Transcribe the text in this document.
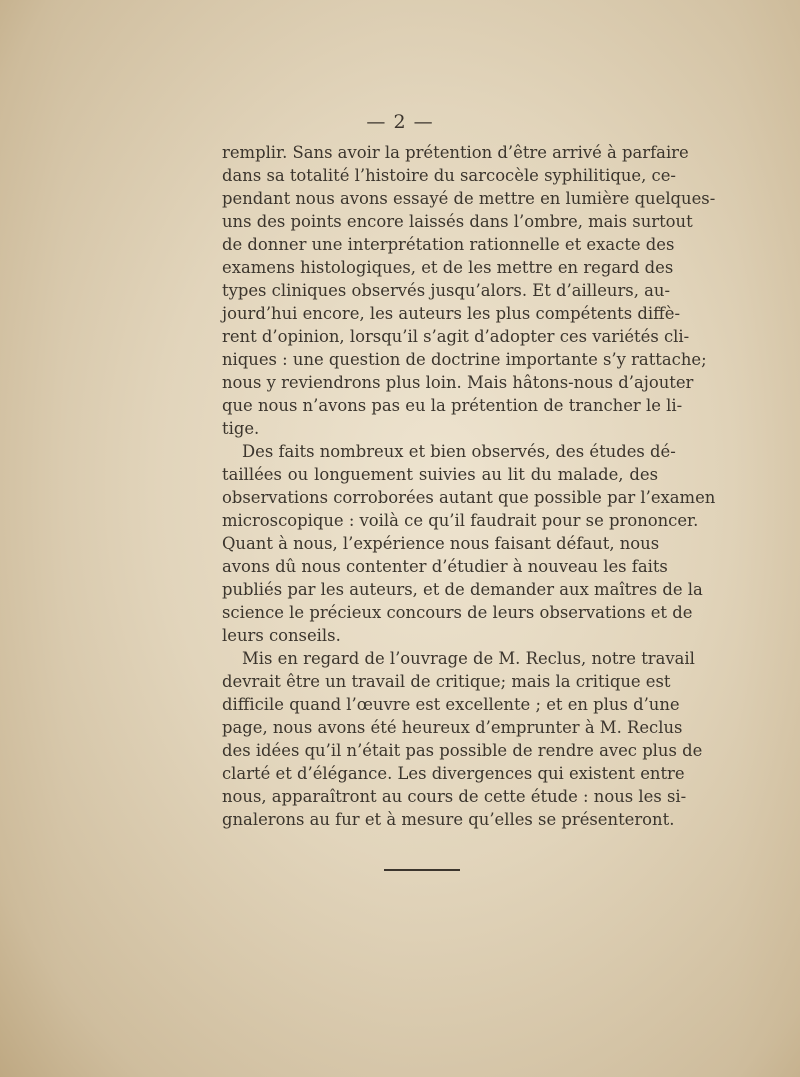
— 2 —
remplir. Sans avoir la prétention d’être arrivé à parfaire
dans sa totalité l’histoire du sarcocèle syphilitique, ce-
pendant nous avons essayé de mettre en lumière quelques-
uns des points encore laissés dans l’ombre, mais surtout
de donner une interprétation rationnelle et exacte des
examens histologiques, et de les mettre en regard des
types cliniques observés jusqu’alors. Et d’ailleurs, au-
jourd’hui encore, les auteurs les plus compétents diffè-
rent d’opinion, lorsqu’il s’agit d’adopter ces variétés cli-
niques : une question de doctrine importante s’y rattache;
nous y reviendrons plus loin. Mais hâtons-nous d’ajouter
que nous n’avons pas eu la prétention de trancher le li-
tige.
Des faits nombreux et bien observés, des études dé-
taillées ou longuement suivies au lit du malade, des
observations corroborées autant que possible par l’examen
microscopique : voilà ce qu’il faudrait pour se prononcer.
Quant à nous, l’expérience nous faisant défaut, nous
avons dû nous contenter d’étudier à nouveau les faits
publiés par les auteurs, et de demander aux maîtres de la
science le précieux concours de leurs observations et de
leurs conseils.
Mis en regard de l’ouvrage de M. Reclus, notre travail
devrait être un travail de critique; mais la critique est
difficile quand l’œuvre est excellente ; et en plus d’une
page, nous avons été heureux d’emprunter à M. Reclus
des idées qu’il n’était pas possible de rendre avec plus de
clarté et d’élégance. Les divergences qui existent entre
nous, apparaîtront au cours de cette étude : nous les si-
gnalerons au fur et à mesure qu’elles se présenteront.
